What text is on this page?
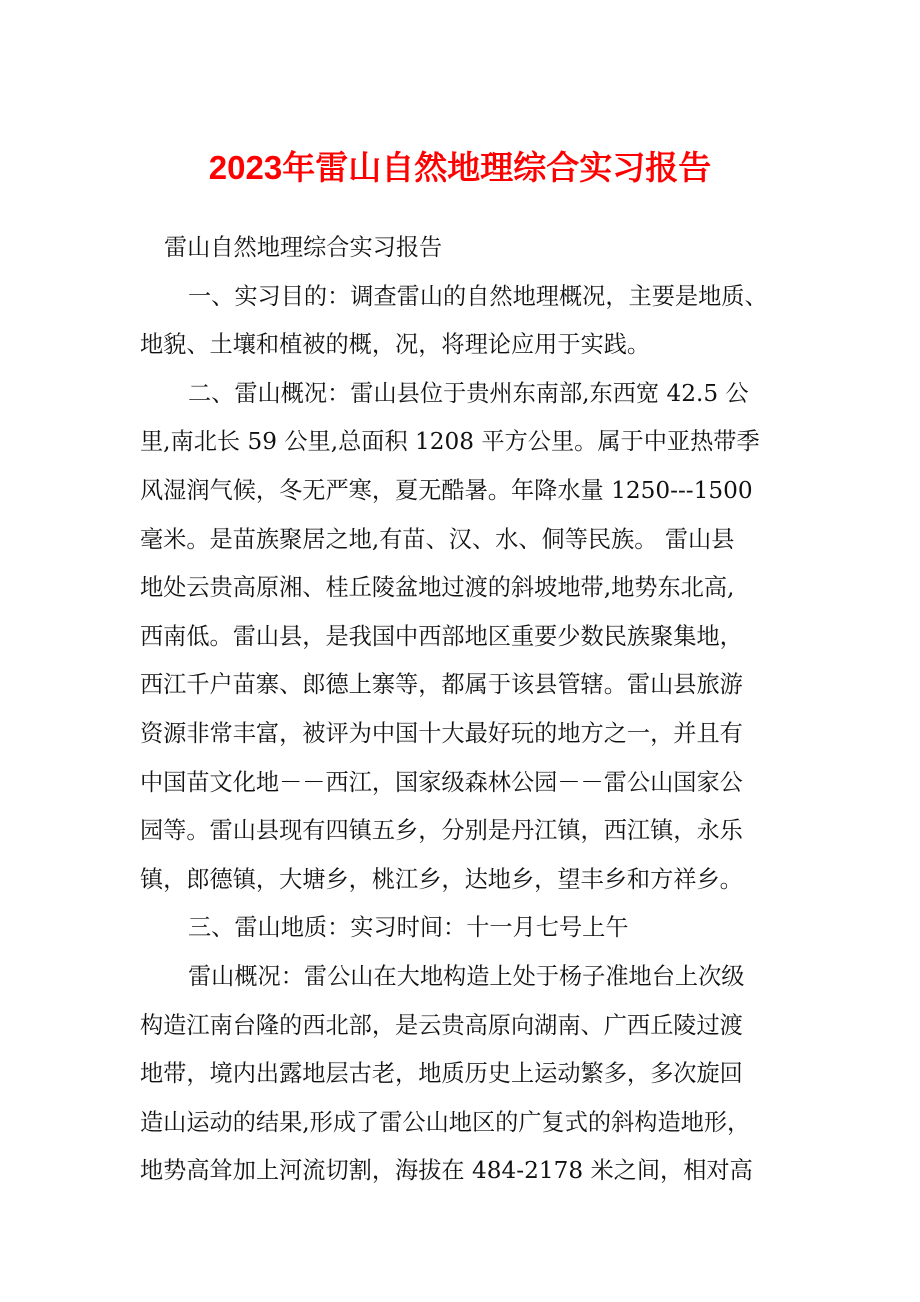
2023年雷山自然地理综合实习报告
雷山自然地理综合实习报告
一、实习目的：调查雷山的自然地理概况，主要是地质、
地貌、土壤和植被的概，况，将理论应用于实践。
二、雷山概况：雷山县位于贵州东南部,东西宽 42.5 公
里,南北长 59 公里,总面积 1208 平方公里。属于中亚热带季
风湿润气候，冬无严寒，夏无酷暑。年降水量 1250---1500
毫米。是苗族聚居之地,有苗、汉、水、侗等民族。 雷山县
地处云贵高原湘、桂丘陵盆地过渡的斜坡地带,地势东北高,
西南低。雷山县，是我国中西部地区重要少数民族聚集地，
西江千户苗寨、郎德上寨等，都属于该县管辖。雷山县旅游
资源非常丰富，被评为中国十大最好玩的地方之一，并且有
中国苗文化地－－西江，国家级森林公园－－雷公山国家公
园等。雷山县现有四镇五乡，分别是丹江镇，西江镇，永乐
镇，郎德镇，大塘乡，桃江乡，达地乡，望丰乡和方祥乡。
三、雷山地质：实习时间：十一月七号上午
雷山概况：雷公山在大地构造上处于杨子准地台上次级
构造江南台隆的西北部，是云贵高原向湖南、广西丘陵过渡
地带，境内出露地层古老，地质历史上运动繁多，多次旋回
造山运动的结果,形成了雷公山地区的广复式的斜构造地形，
地势高耸加上河流切割，海拔在 484-2178 米之间，相对高
